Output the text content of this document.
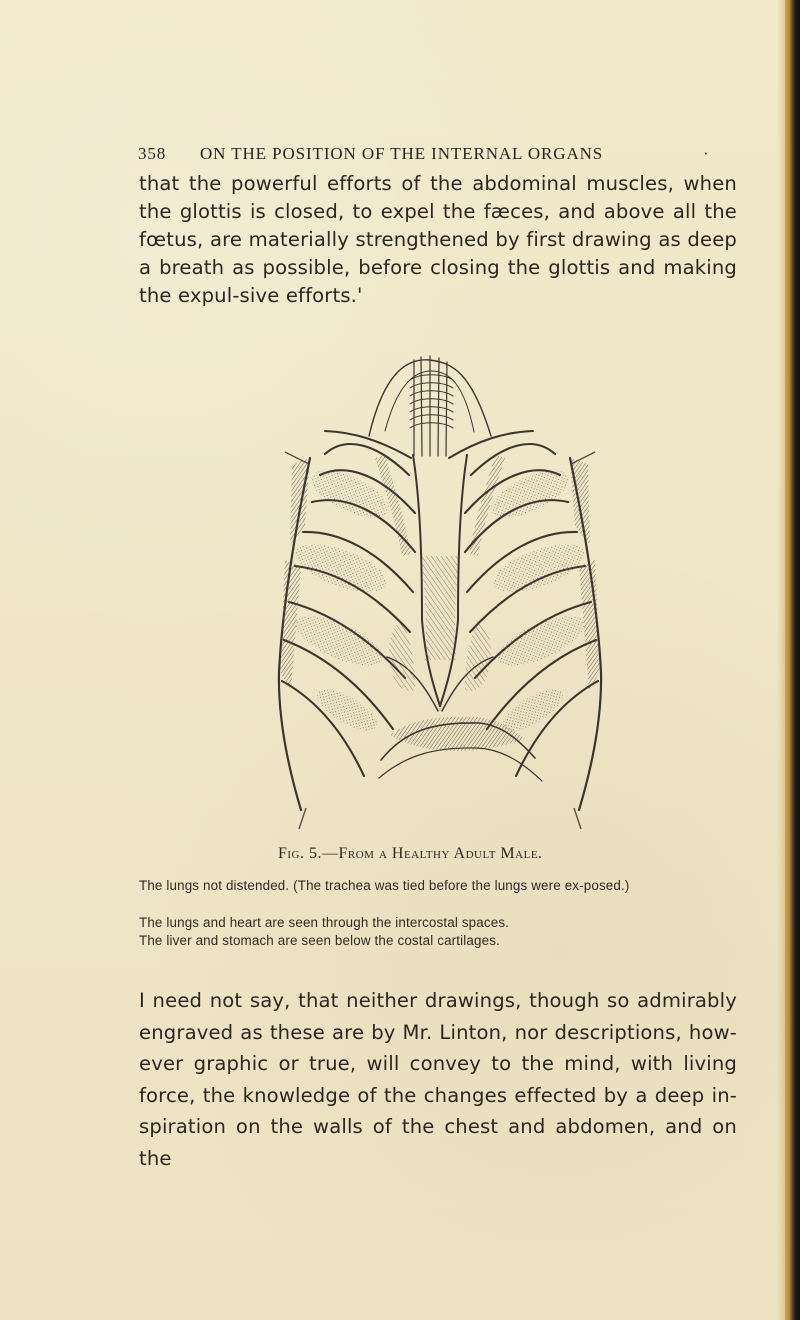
358 ON THE POSITION OF THE INTERNAL ORGANS	·
that the powerful efforts of the abdominal muscles, when the glottis is closed, to expel the fæces, and above all the fœtus, are materially strengthened by first drawing as deep a breath as possible, before closing the glottis and making the expul-sive efforts.'
Fig. 5.—From a Healthy Adult Male.
The lungs not distended. (The trachea was tied before the lungs were ex-posed.)
The lungs and heart are seen through the intercostal spaces.
The liver and stomach are seen below the costal cartilages.
I need not say, that neither drawings, though so admirably engraved as these are by Mr. Linton, nor descriptions, how-ever graphic or true, will convey to the mind, with living force, the knowledge of the changes effected by a deep in-spiration on the walls of the chest and abdomen, and on the
